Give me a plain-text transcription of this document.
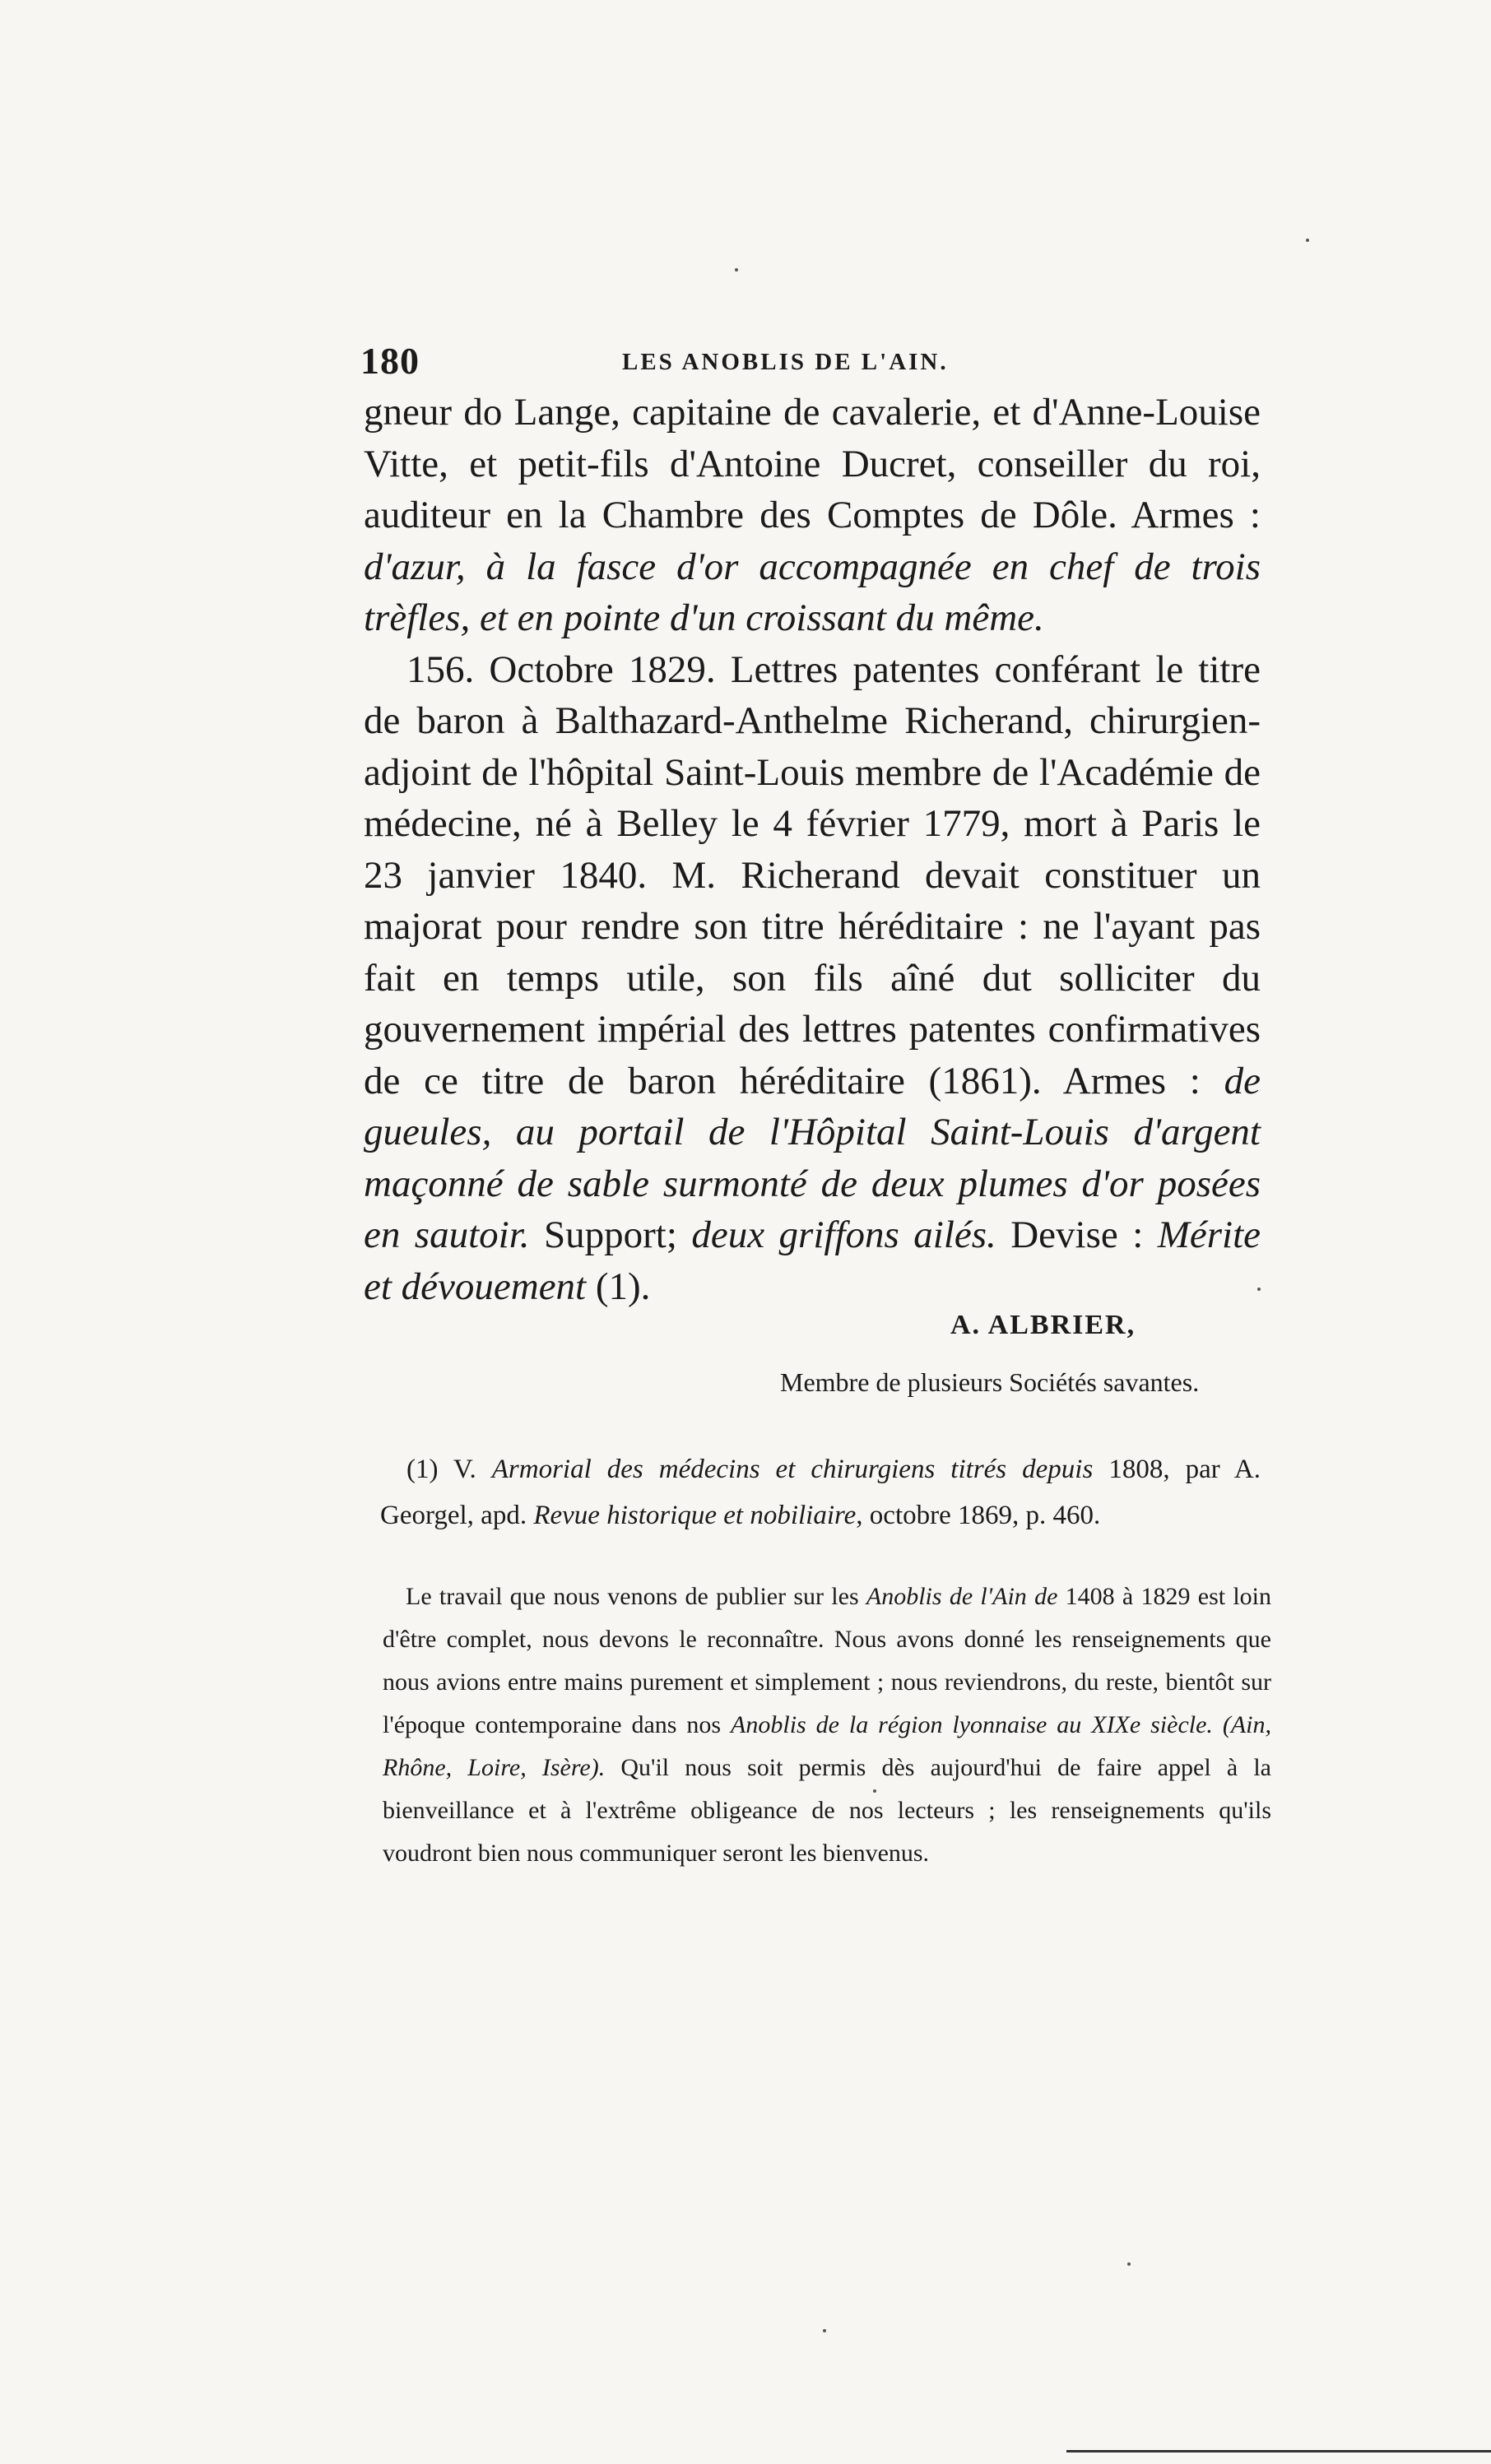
180	LES ANOBLIS DE L'AIN.

gneur do Lange, capitaine de cavalerie, et d'Anne-Louise Vitte, et petit-fils d'Antoine Ducret, conseiller du roi, auditeur en la Chambre des Comptes de Dôle. Armes : d'azur, à la fasce d'or accompagnée en chef de trois trèfles, et en pointe d'un croissant du même.

156. Octobre 1829. Lettres patentes conférant le titre de baron à Balthazard-Anthelme Richerand, chirurgien-adjoint de l'hôpital Saint-Louis membre de l'Académie de médecine, né à Belley le 4 février 1779, mort à Paris le 23 janvier 1840. M. Richerand devait constituer un majorat pour rendre son titre héréditaire : ne l'ayant pas fait en temps utile, son fils aîné dut solliciter du gouvernement impérial des lettres patentes confirmatives de ce titre de baron héréditaire (1861). Armes : de gueules, au portail de l'Hôpital Saint-Louis d'argent maçonné de sable surmonté de deux plumes d'or posées en sautoir. Support; deux griffons ailés. Devise : Mérite et dévouement (1).

A. ALBRIER,
Membre de plusieurs Sociétés savantes.

(1) V. Armorial des médecins et chirurgiens titrés depuis 1808, par A. Georgel, apd. Revue historique et nobiliaire, octobre 1869, p. 460.

Le travail que nous venons de publier sur les Anoblis de l'Ain de 1408 à 1829 est loin d'être complet, nous devons le reconnaître. Nous avons donné les renseignements que nous avions entre mains purement et simplement ; nous reviendrons, du reste, bientôt sur l'époque contemporaine dans nos Anoblis de la région lyonnaise au XIXe siècle. (Ain, Rhône, Loire, Isère). Qu'il nous soit permis dès aujourd'hui de faire appel à la bienveillance et à l'extrême obligeance de nos lecteurs ; les renseignements qu'ils voudront bien nous communiquer seront les bienvenus.
